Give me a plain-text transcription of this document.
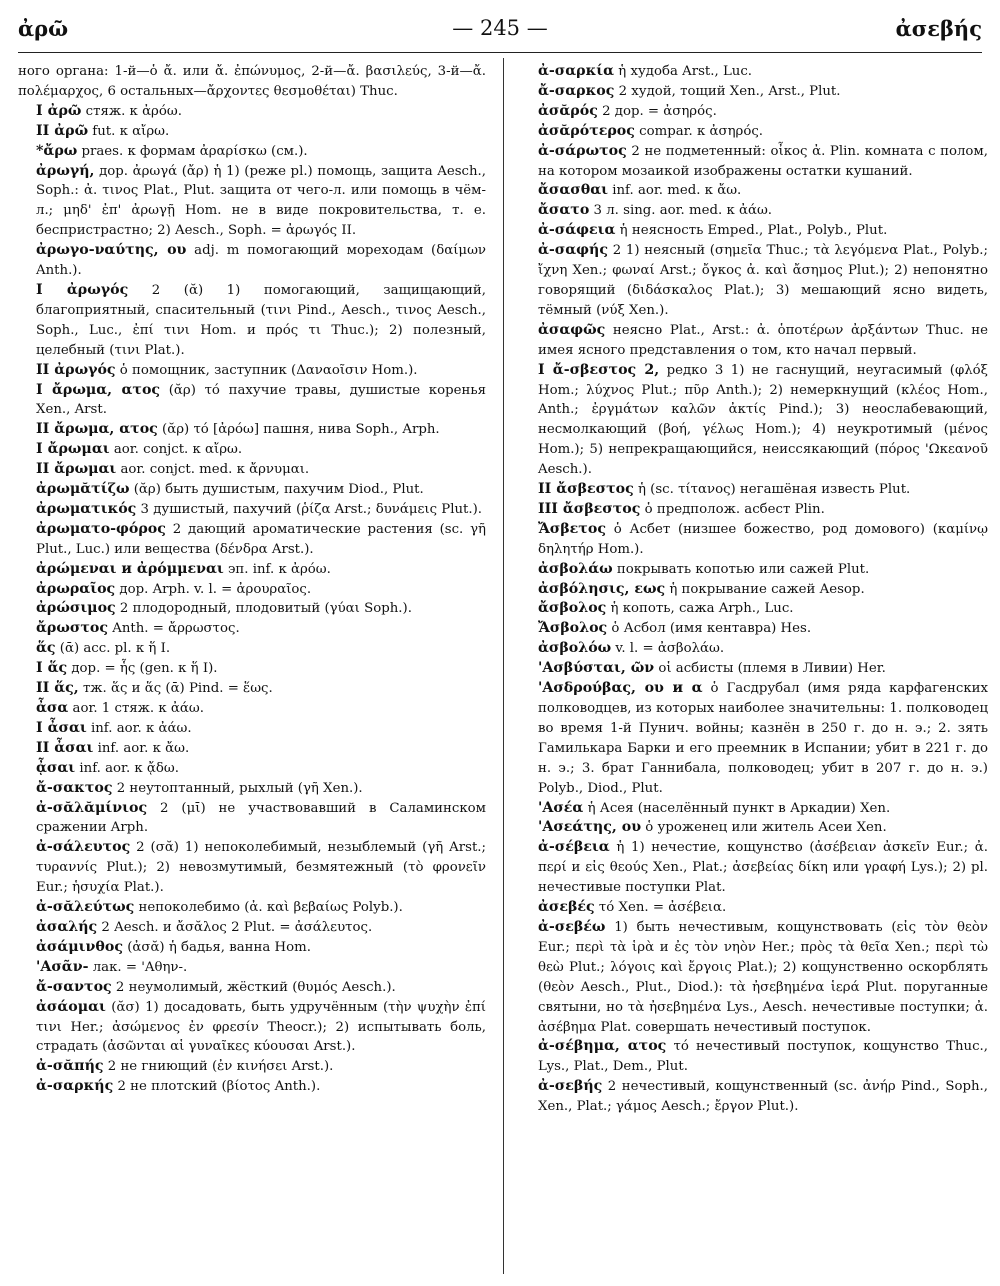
ἀρῶ	— 245 —	ἀσεβής

ного органа: 1-й—ὁ ἄ. или ἄ. ἐπώνυμος, 2-й—ἄ. βασιλεύς, 3-й—ἄ. πολέμαρχος, 6 остальных—ἄρχοντες θεσμοθέται) Thuc.

I ἀρῶ стяж. к ἀρόω.

II ἀρῶ fut. к αἴρω.

*ἄρω praes. к формам ἀραρίσκω (см.).

ἀρωγή, дор. ἀρωγά (ἄρ) ἡ 1) (реже pl.) помощь, защита Aesch., Soph.: ἀ. τινος Plat., Plut. защита от чего-л. или помощь в чём-л.; μηδ' ἐπ' ἀρωγῇ Hom. не в виде покровительства, т. е. беспристрастно; 2) Aesch., Soph. = ἀρωγός II.

ἀρωγο-ναύτης, ου adj. m помогающий мореходам (δαίμων Anth.).

I ἀρωγός 2 (ᾰ) 1) помогающий, защищающий, благоприятный, спасительный (τινι Pind., Aesch., τινος Aesch., Soph., Luc., ἐπί τινι Hom. и πρός τι Thuc.); 2) полезный, целебный (τινι Plat.).

II ἀρωγός ὁ помощник, заступник (Δαναοῖσιν Hom.).

I ἄρωμα, ατος (ᾰρ) τό пахучие травы, душистые коренья Xen., Arst.

II ἄρωμα, ατος (ᾰρ) τό [ἀρόω] пашня, нива Soph., Arph.

I ἄρωμαι aor. conjct. к αἴρω.

II ἄρωμαι aor. conjct. med. к ἄρνυμαι.

ἀρωμᾰτίζω (ᾰρ) быть душистым, пахучим Diod., Plut.

ἀρωματικός 3 душистый, пахучий (ῥίζα Arst.; δυνάμεις Plut.).

ἀρωματο-φόρος 2 дающий ароматические растения (sc. γῆ Plut., Luc.) или вещества (δένδρα Arst.).

ἀρώμεναι и ἀρόμμεναι эп. inf. к ἀρόω.

ἀρωραῖος дор. Arph. v. l. = ἀρουραῖος.

ἀρώσιμος 2 плодородный, плодовитый (γύαι Soph.).

ἄρωστος Anth. = ἄρρωστος.

ἅς (ᾱ) acc. pl. к ἥ I.

I ἅς дор. = ἧς (gen. к ἥ I).

II ἅς, тж. ἅς и ἅς (ᾱ) Pind. = ἕως.

ἆσα aor. 1 стяж. к ἀάω.

I ἆσαι inf. aor. к ἀάω.

II ἆσαι inf. aor. к ἄω.

ᾆσαι inf. aor. к ᾄδω.

ἄ-σακτος 2 неутоптанный, рыхлый (γῆ Xen.).

ἀ-σᾰλᾰμίνιος 2 (μῑ) не участвовавший в Саламинском сражении Arph.

ἀ-σάλευτος 2 (σᾰ) 1) непоколебимый, незыблемый (γῆ Arst.; τυραννίς Plut.); 2) невозмутимый, безмятежный (τὸ φρονεῖν Eur.; ἡσυχία Plat.).

ἀ-σᾰλεύτως непоколебимо (ἀ. καὶ βεβαίως Polyb.).

ἀσαλής 2 Aesch. и ἄσᾰλος 2 Plut. = ἀσάλευτος.

ἀσάμινθος (ἀσᾰ) ἡ бадья, ванна Hom.

'Ασᾶν- лак. = 'Αθην-.

ἄ-σαντος 2 неумолимый, жёсткий (θυμός Aesch.).

ἀσάομαι (ᾰσ) 1) досадовать, быть удручённым (τὴν ψυχὴν ἐπί τινι Her.; ἀσώμενος ἐν φρεσίν Theocr.); 2) испытывать боль, страдать (ἀσῶνται αἱ γυναῖκες κύουσαι Arst.).

ἀ-σᾰπής 2 не гниющий (ἐν κινήσει Arst.).

ἀ-σαρκής 2 не плотский (βίοτος Anth.).

ἀ-σαρκία ἡ худоба Arst., Luc.

ἄ-σαρκος 2 худой, тощий Xen., Arst., Plut.

ἀσᾰρός 2 дор. = ἀσηρός.

ἀσᾰρότερος compar. к ἀσηρός.

ἀ-σάρωτος 2 не подметенный: οἶκος ἀ. Plin. комната с полом, на котором мозаикой изображены остатки кушаний.

ἄσασθαι inf. aor. med. к ἄω.

ἄσατο 3 л. sing. aor. med. к ἀάω.

ἀ-σάφεια ἡ неясность Emped., Plat., Polyb., Plut.

ἀ-σαφής 2 1) неясный (σημεῖα Thuc.; τὰ λεγόμενα Plat., Polyb.; ἴχνη Xen.; φωναί Arst.; ὄγκος ἀ. καὶ ἄσημος Plut.); 2) непонятно говорящий (διδάσκαλος Plat.); 3) мешающий ясно видеть, тёмный (νύξ Xen.).

ἀσαφῶς неясно Plat., Arst.: ἀ. ὁποτέρων ἀρξάντων Thuc. не имея ясного представления о том, кто начал первый.

I ἄ-σβεστος 2, редко 3 1) не гаснущий, неугасимый (φλόξ Hom.; λύχνος Plut.; πῦρ Anth.); 2) немеркнущий (κλέος Hom., Anth.; ἐργμάτων καλῶν ἀκτίς Pind.); 3) неослабевающий, несмолкающий (βοή, γέλως Hom.); 4) неукротимый (μένος Hom.); 5) непрекращающийся, неиссякающий (πόρος 'Ωκεανοῦ Aesch.).

II ἄσβεστος ἡ (sc. τίτανος) негашёная известь Plut.

III ἄσβεστος ὁ предполож. асбест Plin.

Ἄσβετος ὁ Асбет (низшее божество, род домового) (καμίνῳ δηλητήρ Hom.).

ἀσβολάω покрывать копотью или сажей Plut.

ἀσβόλησις, εως ἡ покрывание сажей Aesop.

ἄσβολος ἡ копоть, сажа Arph., Luc.

Ἄσβολος ὁ Асбол (имя кентавра) Hes.

ἀσβολόω v. l. = ἀσβολάω.

'Ασβύσται, ῶν οἱ асбисты (племя в Ливии) Her.

'Ασδρούβας, ου и α ὁ Гасдрубал (имя ряда карфагенских полководцев, из которых наиболее значительны: 1. полководец во время 1-й Пунич. войны; казнён в 250 г. до н. э.; 2. зять Гамилькара Барки и его преемник в Испании; убит в 221 г. до н. э.; 3. брат Ганнибала, полководец; убит в 207 г. до н. э.) Polyb., Diod., Plut.

'Ασέα ἡ Асея (населённый пункт в Аркадии) Xen.

'Ασεάτης, ου ὁ уроженец или житель Асеи Xen.

ἀ-σέβεια ἡ 1) нечестие, кощунство (ἀσέβειαν ἀσκεῖν Eur.; ἀ. περί и εἰς θεούς Xen., Plat.; ἀσεβείας δίκη или γραφή Lys.); 2) pl. нечестивые поступки Plat.

ἀσεβές τό Xen. = ἀσέβεια.

ἀ-σεβέω 1) быть нечестивым, кощунствовать (εἰς τὸν θεὸν Eur.; περὶ τὰ ἱρὰ и ἐς τὸν νηὸν Her.; πρὸς τὰ θεῖα Xen.; περὶ τὼ θεὼ Plut.; λόγοις καὶ ἔργοις Plat.); 2) кощунственно оскорблять (θεὸν Aesch., Plut., Diod.): τὰ ἠσεβημένα ἱερά Plut. поруганные святыни, но τὰ ἠσεβημένα Lys., Aesch. нечестивые поступки; ἀ. ἀσέβημα Plat. совершать нечестивый поступок.

ἀ-σέβημα, ατος τό нечестивый поступок, кощунство Thuc., Lys., Plat., Dem., Plut.

ἀ-σεβής 2 нечестивый, кощунственный (sc. ἀνήρ Pind., Soph., Xen., Plat.; γάμος Aesch.; ἔργον Plut.).
